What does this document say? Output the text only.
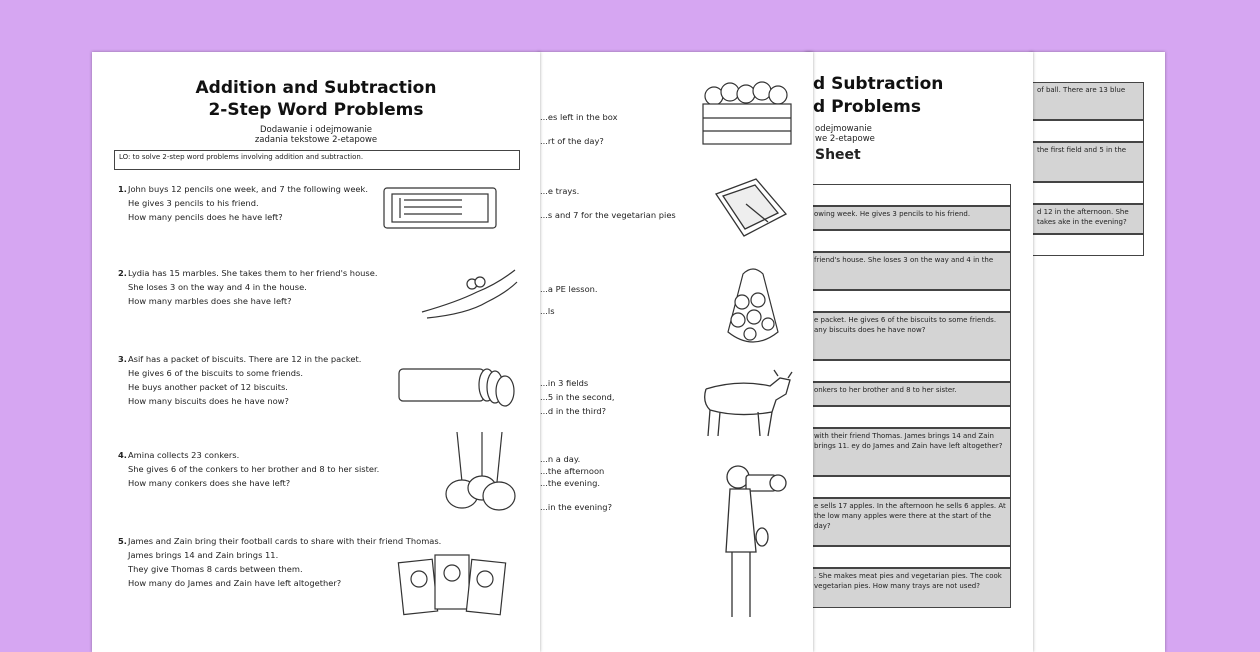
of ball. There are 13 blue
the first field and 5 in the
d 12 in the afternoon. She takes ake in the evening?
d Subtraction
d Problems
odejmowanie
we 2-etapowe
Sheet
owing week. He gives 3 pencils to his friend.
friend's house. She loses 3 on the way and 4 in the
e packet. He gives 6 of the biscuits to some friends. any biscuits does he have now?
onkers to her brother and 8 to her sister.
with their friend Thomas. James brings 14 and Zain brings 11. ey do James and Zain have left altogether?
e sells 17 apples. In the afternoon he sells 6 apples. At the low many apples were there at the start of the day?
. She makes meat pies and vegetarian pies. The cook vegetarian pies. How many trays are not used?
...es left in the box
...rt of the day?
...e trays.
...s and 7 for the vegetarian pies
...a PE lesson.
...ls
...in 3 fields
...5 in the second,
...d in the third?
...n a day.
...the afternoon
...the evening.
...in the evening?
Addition and Subtraction
2-Step Word Problems
Dodawanie i odejmowanie
zadania tekstowe 2-etapowe
LO: to solve 2-step word problems involving addition and subtraction.
1. John buys 12 pencils one week, and 7 the following week.
He gives 3 pencils to his friend.
How many pencils does he have left?
2. Lydia has 15 marbles. She takes them to her friend's house.
She loses 3 on the way and 4 in the house.
How many marbles does she have left?
3. Asif has a packet of biscuits. There are 12 in the packet.
He gives 6 of the biscuits to some friends.
He buys another packet of 12 biscuits.
How many biscuits does he have now?
4. Amina collects 23 conkers.
She gives 6 of the conkers to her brother and 8 to her sister.
How many conkers does she have left?
5. James and Zain bring their football cards to share with their friend Thomas.
James brings 14 and Zain brings 11.
They give Thomas 8 cards between them.
How many do James and Zain have left altogether?
